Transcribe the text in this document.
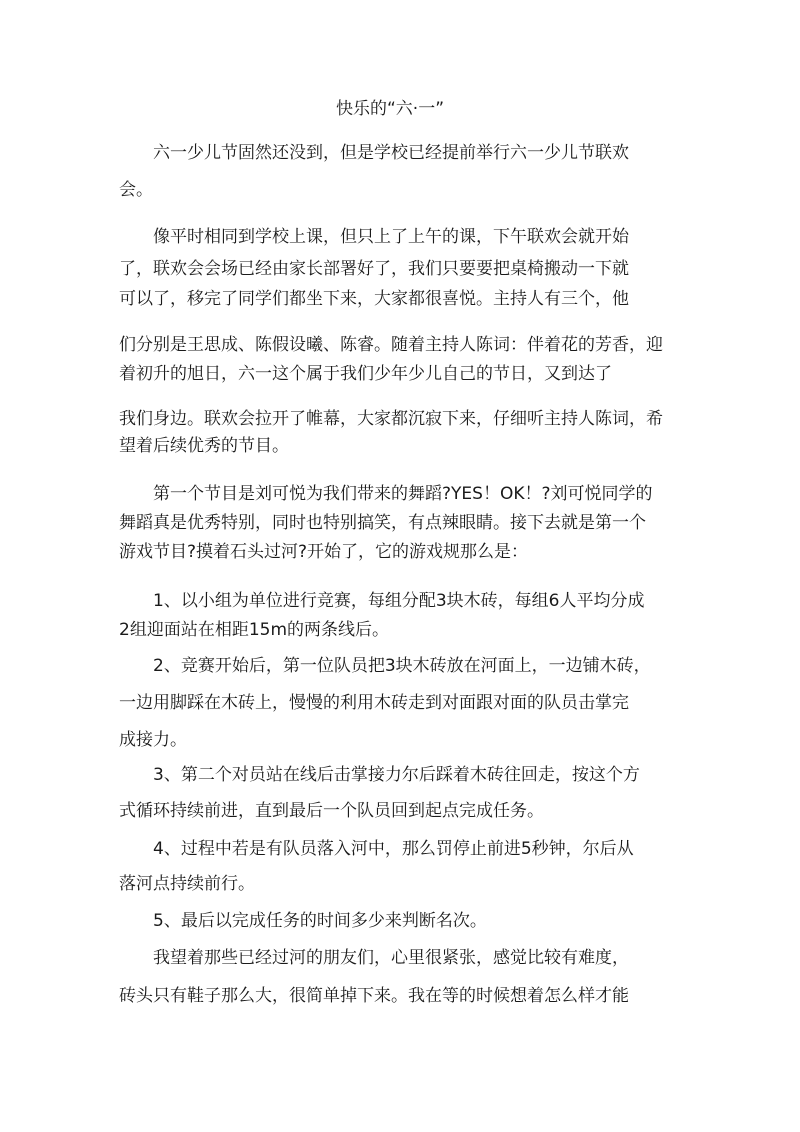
快乐的“六·一”
六一少儿节固然还没到，但是学校已经提前举行六一少儿节联欢
会。
像平时相同到学校上课，但只上了上午的课，下午联欢会就开始
了，联欢会会场已经由家长部署好了，我们只要要把桌椅搬动一下就
可以了，移完了同学们都坐下来，大家都很喜悦。主持人有三个，他
们分别是王思成、陈假设曦、陈睿。随着主持人陈词：伴着花的芳香，迎
着初升的旭日，六一这个属于我们少年少儿自己的节日，又到达了
我们身边。联欢会拉开了帷幕，大家都沉寂下来，仔细听主持人陈词，希
望着后续优秀的节目。
第一个节目是刘可悦为我们带来的舞蹈?YES！OK！?刘可悦同学的
舞蹈真是优秀特别，同时也特别搞笑，有点辣眼睛。接下去就是第一个
游戏节目?摸着石头过河?开始了，它的游戏规那么是：
1、以小组为单位进行竞赛，每组分配3块木砖，每组6人平均分成
2组迎面站在相距15m的两条线后。
2、竞赛开始后，第一位队员把3块木砖放在河面上，一边铺木砖，
一边用脚踩在木砖上，慢慢的利用木砖走到对面跟对面的队员击掌完
成接力。
3、第二个对员站在线后击掌接力尔后踩着木砖往回走，按这个方
式循环持续前进，直到最后一个队员回到起点完成任务。
4、过程中若是有队员落入河中，那么罚停止前进5秒钟，尔后从
落河点持续前行。
5、最后以完成任务的时间多少来判断名次。
我望着那些已经过河的朋友们，心里很紧张，感觉比较有难度，
砖头只有鞋子那么大，很简单掉下来。我在等的时候想着怎么样才能
